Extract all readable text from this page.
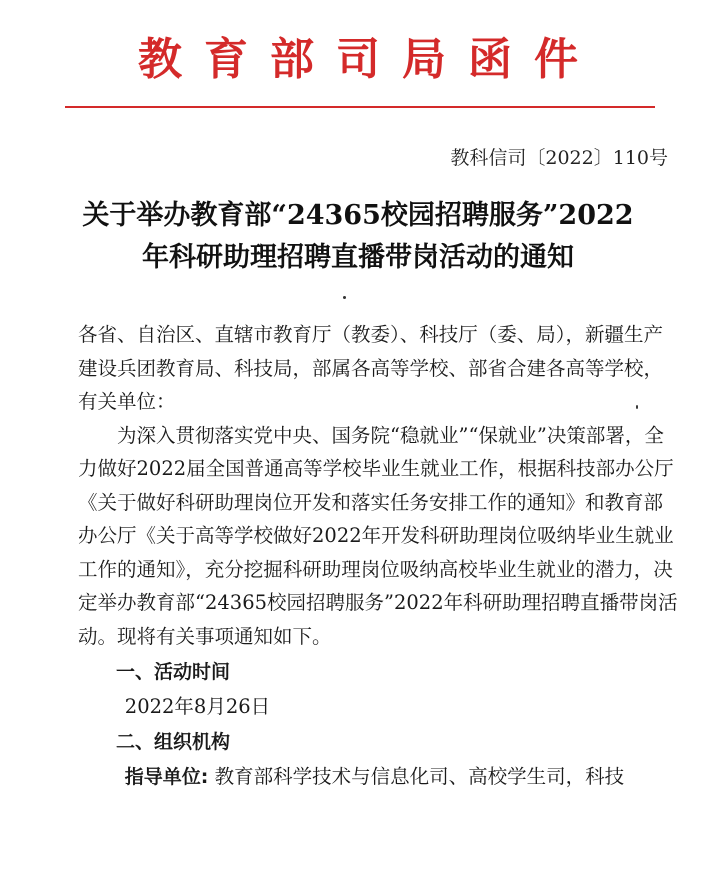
教育部司局函件
教科信司〔2022〕110号
关于举办教育部“24365校园招聘服务”2022
年科研助理招聘直播带岗活动的通知

各省、自治区、直辖市教育厅（教委）、科技厅（委、局），新疆生产建设兵团教育局、科技局，部属各高等学校、部省合建各高等学校，有关单位：

为深入贯彻落实党中央、国务院“稳就业”“保就业”决策部署，全力做好2022届全国普通高等学校毕业生就业工作，根据科技部办公厅《关于做好科研助理岗位开发和落实任务安排工作的通知》和教育部办公厅《关于高等学校做好2022年开发科研助理岗位吸纳毕业生就业工作的通知》，充分挖掘科研助理岗位吸纳高校毕业生就业的潜力，决定举办教育部“24365校园招聘服务”2022年科研助理招聘直播带岗活动。现将有关事项通知如下。

一、活动时间

2022年8月26日

二、组织机构

指导单位: 教育部科学技术与信息化司、高校学生司，科技
